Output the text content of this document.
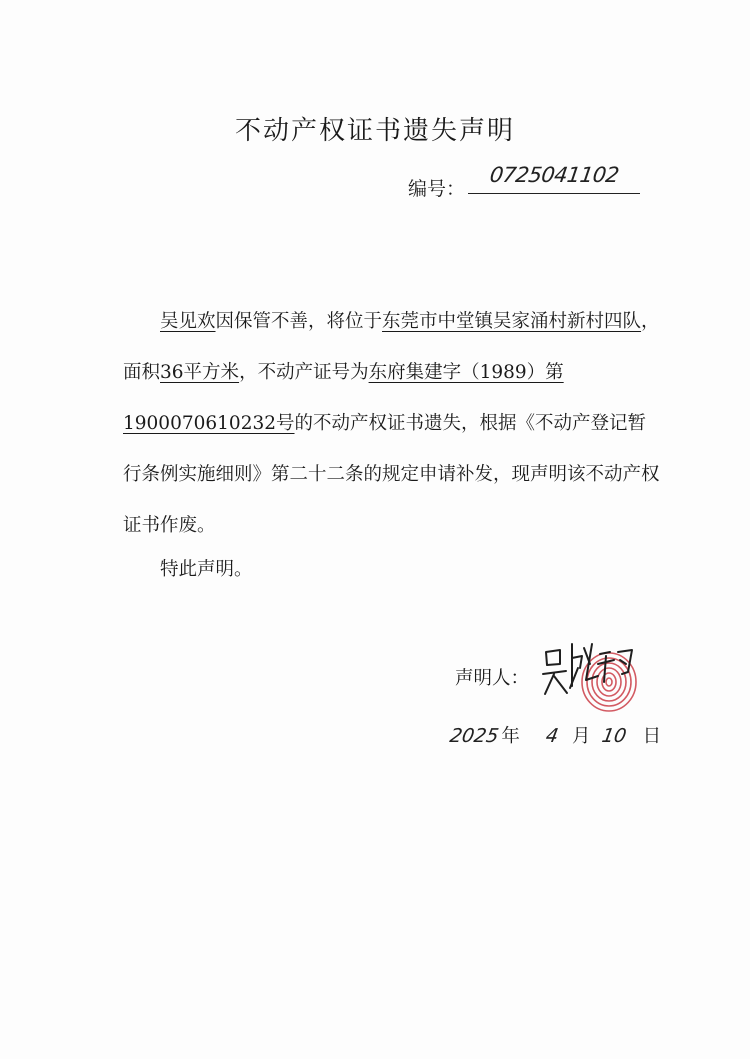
不动产权证书遗失声明
编号：
0725041102

吴见欢因保管不善，将位于东莞市中堂镇吴家涌村新村四队，面积36平方米，不动产证号为东府集建字（1989）第1900070610232号的不动产权证书遗失，根据《不动产登记暂行条例实施细则》第二十二条的规定申请补发，现声明该不动产权证书作废。

特此声明。

声明人：
2025年 4 月 10 日
